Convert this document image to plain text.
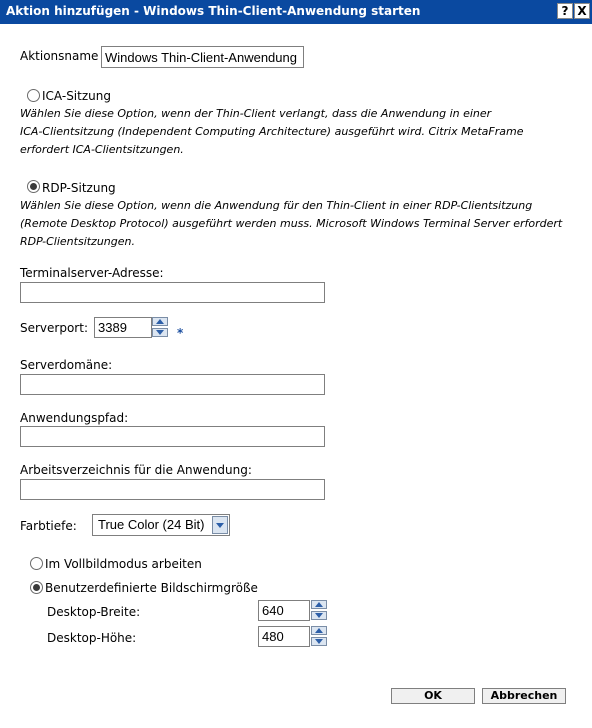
Aktion hinzufügen - Windows Thin-Client-Anwendung starten	? X
Aktionsname
Windows Thin-Client-Anwendung starten
ICA-Sitzung
Wählen Sie diese Option, wenn der Thin-Client verlangt, dass die Anwendung in einer
ICA-Clientsitzung (Independent Computing Architecture) ausgeführt wird. Citrix MetaFrame
erfordert ICA-Clientsitzungen.
RDP-Sitzung
Wählen Sie diese Option, wenn die Anwendung für den Thin-Client in einer RDP-Clientsitzung
(Remote Desktop Protocol) ausgeführt werden muss. Microsoft Windows Terminal Server erfordert
RDP-Clientsitzungen.
Terminalserver-Adresse:
Serverport:
3389	*
Serverdomäne:
Anwendungspfad:
Arbeitsverzeichnis für die Anwendung:
Farbtiefe: True Color (24 Bit)
Im Vollbildmodus arbeiten
Benutzerdefinierte Bildschirmgröße
Desktop-Breite:
640
Desktop-Höhe:
480
OK	Abbrechen
